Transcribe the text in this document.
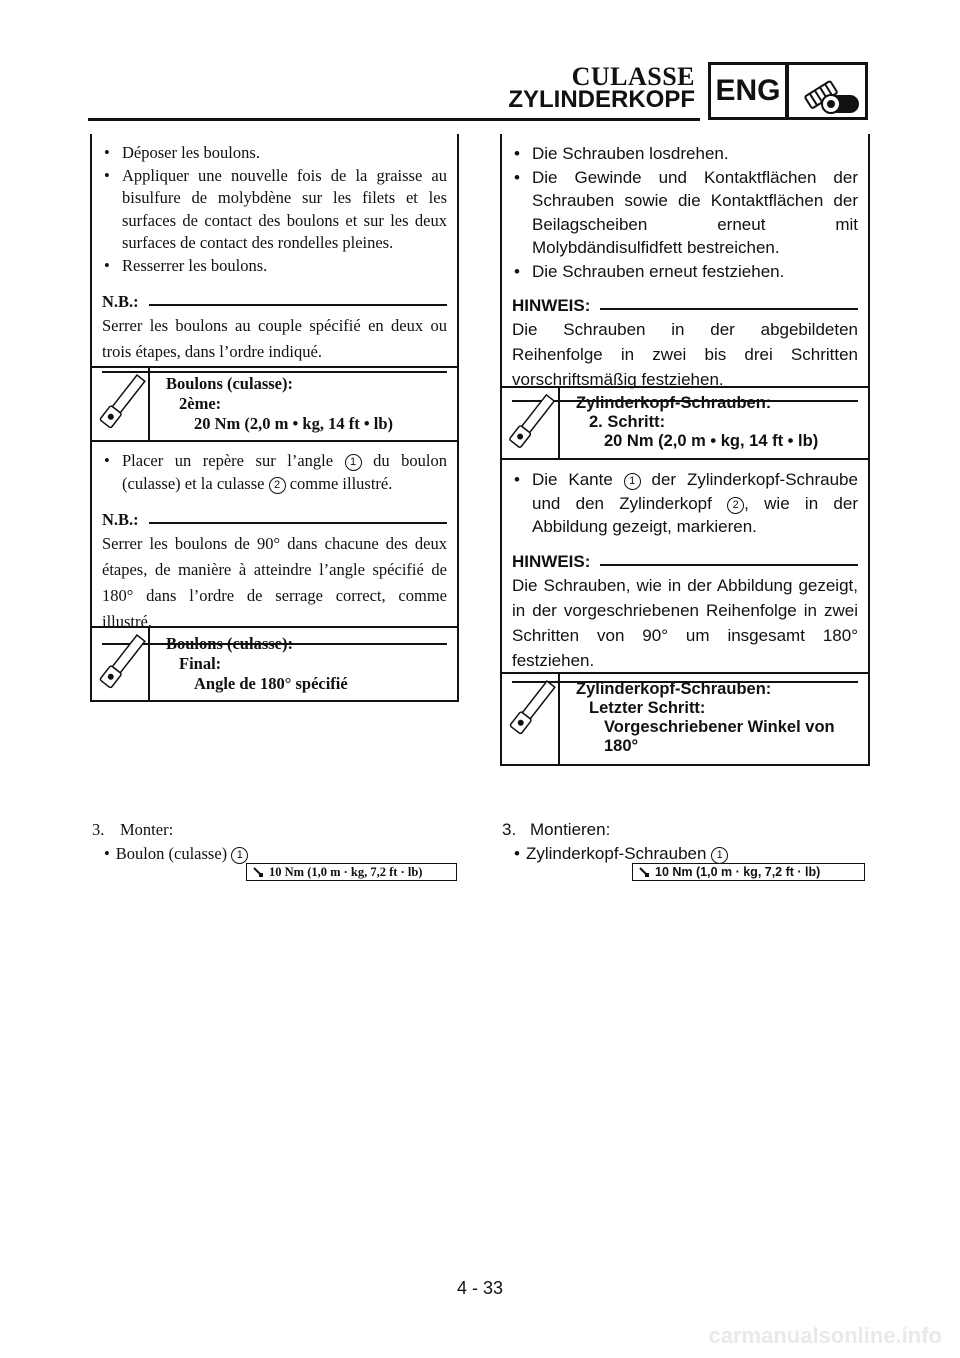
CULASSE
ZYLINDERKOPF ENG
• Déposer les boulons.
• Appliquer une nouvelle fois de la graisse au bisulfure de molybdène sur les filets et les surfaces de contact des boulons et sur les deux surfaces de contact des rondelles pleines.
• Resserrer les boulons.
N.B.:
Serrer les boulons au couple spécifié en deux ou trois étapes, dans l’ordre indiqué.
Boulons (culasse):
2ème:
20 Nm (2,0 m • kg, 14 ft • lb)
• Placer un repère sur l’angle 1 du boulon (culasse) et la culasse 2 comme illustré.
N.B.:
Serrer les boulons de 90° dans chacune des deux étapes, de manière à atteindre l’angle spécifié de 180° dans l’ordre de serrage correct, comme illustré.
Boulons (culasse):
Final:
Angle de 180° spécifié
• Die Schrauben losdrehen.
• Die Gewinde und Kontaktflächen der Schrauben sowie die Kontaktflächen der Beilagscheiben erneut mit Molybdändisulfidfett bestreichen.
• Die Schrauben erneut festziehen.
HINWEIS:
Die Schrauben in der abgebildeten Reihenfolge in zwei bis drei Schritten vorschriftsmäßig festziehen.
Zylinderkopf-Schrauben:
2. Schritt:
20 Nm (2,0 m • kg, 14 ft • lb)
• Die Kante 1 der Zylinderkopf-Schraube und den Zylinderkopf 2 , wie in der Abbildung gezeigt, markieren.
HINWEIS:
Die Schrauben, wie in der Abbildung gezeigt, in der vorgeschriebenen Reihenfolge in zwei Schritten von 90° um insgesamt 180° festziehen.
Zylinderkopf-Schrauben:
Letzter Schritt:
Vorgeschriebener Winkel von 180°
3. Monter:
• Boulon (culasse) 1
10 Nm (1,0 m · kg, 7,2 ft · lb)
3. Montieren:
• Zylinderkopf-Schrauben 1
10 Nm (1,0 m · kg, 7,2 ft · lb)
4 - 33
carmanualsonline.info
